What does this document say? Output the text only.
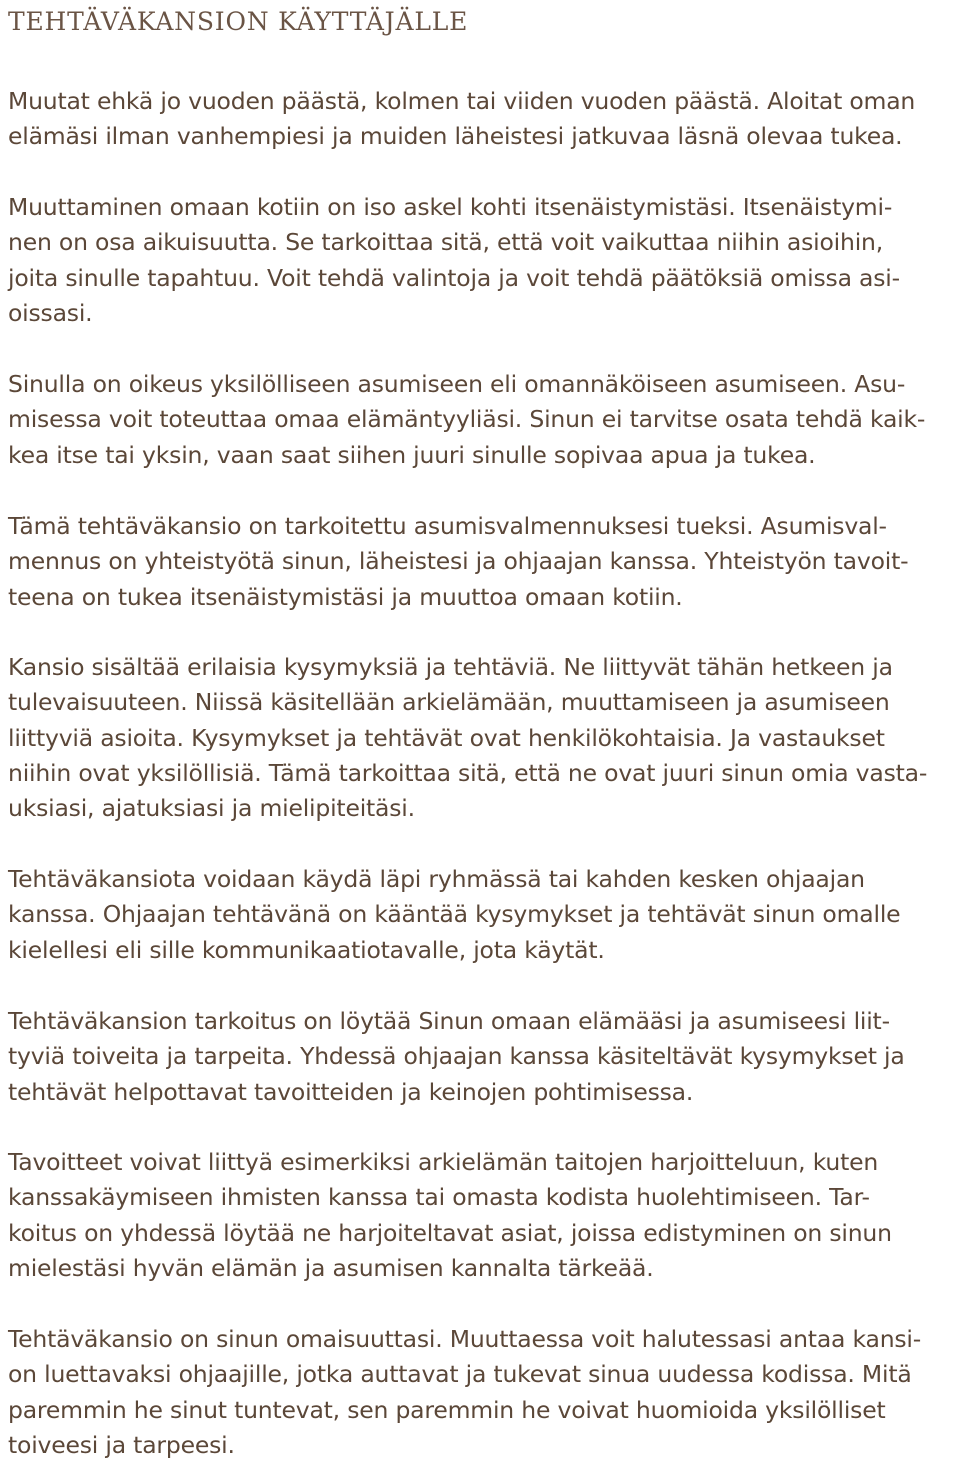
TEHTÄVÄKANSION KÄYTTÄJÄLLE
Muutat ehkä jo vuoden päästä, kolmen tai viiden vuoden päästä. Aloitat oman
elämäsi ilman vanhempiesi ja muiden läheistesi jatkuvaa läsnä olevaa tukea.
Muuttaminen omaan kotiin on iso askel kohti itsenäistymistäsi. Itsenäistymi-
nen on osa aikuisuutta. Se tarkoittaa sitä, että voit vaikuttaa niihin asioihin,
joita sinulle tapahtuu. Voit tehdä valintoja ja voit tehdä päätöksiä omissa asi-
oissasi.
Sinulla on oikeus yksilölliseen asumiseen eli omannäköiseen asumiseen. Asu-
misessa voit toteuttaa omaa elämäntyyliäsi. Sinun ei tarvitse osata tehdä kaik-
kea itse tai yksin, vaan saat siihen juuri sinulle sopivaa apua ja tukea.
Tämä tehtäväkansio on tarkoitettu asumisvalmennuksesi tueksi. Asumisval-
mennus on yhteistyötä sinun, läheistesi ja ohjaajan kanssa. Yhteistyön tavoit-
teena on tukea itsenäistymistäsi ja muuttoa omaan kotiin.
Kansio sisältää erilaisia kysymyksiä ja tehtäviä. Ne liittyvät tähän hetkeen ja
tulevaisuuteen. Niissä käsitellään arkielämään, muuttamiseen ja asumiseen
liittyviä asioita. Kysymykset ja tehtävät ovat henkilökohtaisia. Ja vastaukset
niihin ovat yksilöllisiä. Tämä tarkoittaa sitä, että ne ovat juuri sinun omia vasta-
uksiasi, ajatuksiasi ja mielipiteitäsi.
Tehtäväkansiota voidaan käydä läpi ryhmässä tai kahden kesken ohjaajan
kanssa. Ohjaajan tehtävänä on kääntää kysymykset ja tehtävät sinun omalle
kielellesi eli sille kommunikaatiotavalle, jota käytät.
Tehtäväkansion tarkoitus on löytää Sinun omaan elämääsi ja asumiseesi liit-
tyviä toiveita ja tarpeita. Yhdessä ohjaajan kanssa käsiteltävät kysymykset ja
tehtävät helpottavat tavoitteiden ja keinojen pohtimisessa.
Tavoitteet voivat liittyä esimerkiksi arkielämän taitojen harjoitteluun, kuten
kanssakäymiseen ihmisten kanssa tai omasta kodista huolehtimiseen. Tar-
koitus on yhdessä löytää ne harjoiteltavat asiat, joissa edistyminen on sinun
mielestäsi hyvän elämän ja asumisen kannalta tärkeää.
Tehtäväkansio on sinun omaisuuttasi. Muuttaessa voit halutessasi antaa kansi-
on luettavaksi ohjaajille, jotka auttavat ja tukevat sinua uudessa kodissa. Mitä
paremmin he sinut tuntevat, sen paremmin he voivat huomioida yksilölliset
toiveesi ja tarpeesi.
